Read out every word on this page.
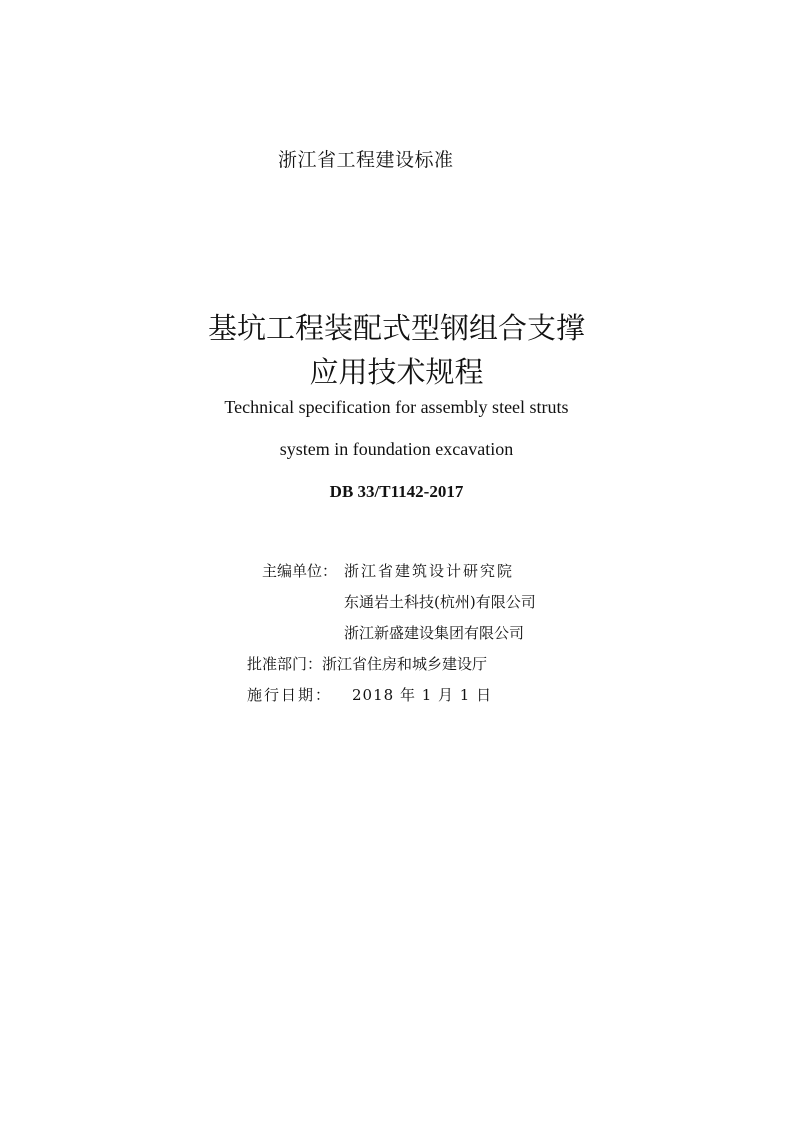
浙江省工程建设标准
基坑工程装配式型钢组合支撑
应用技术规程
Technical specification for assembly steel struts
system in foundation excavation
DB 33/T1142-2017
主编单位： 浙江省建筑设计研究院
东通岩土科技(杭州)有限公司
浙江新盛建设集团有限公司
批准部门：浙江省住房和城乡建设厅
施行日期： 2018 年 1 月 1 日
